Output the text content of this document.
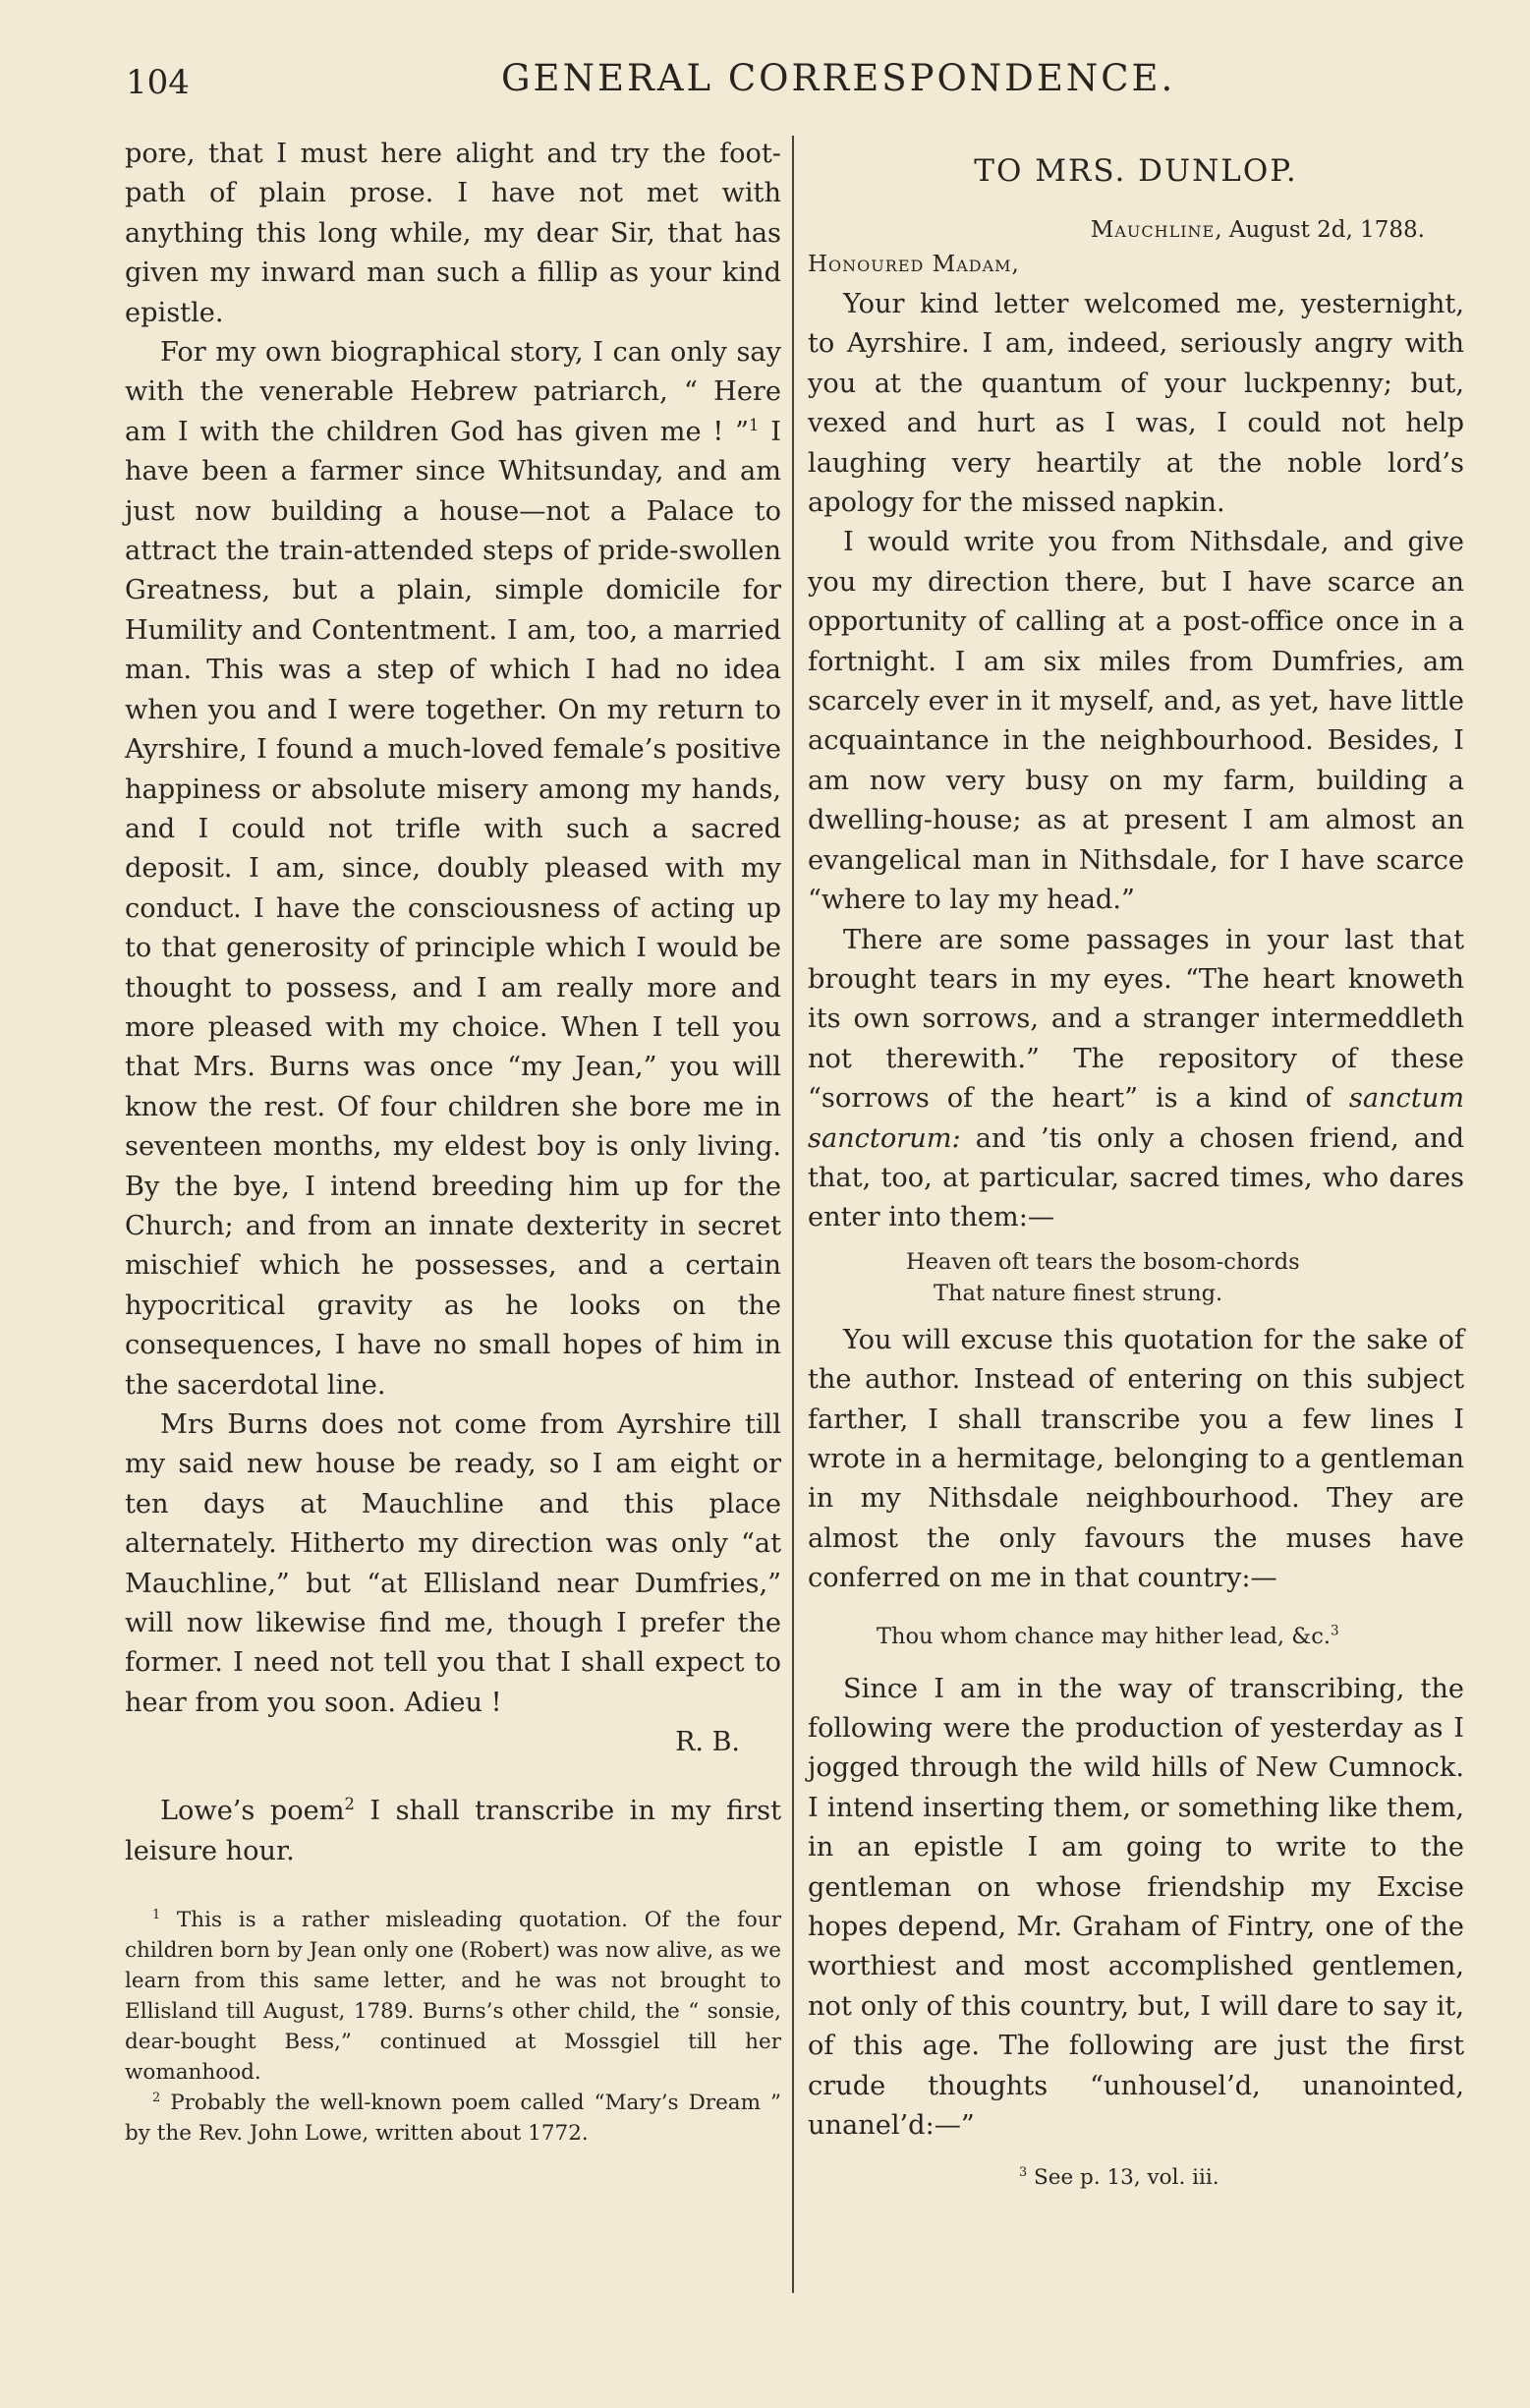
104	GENERAL CORRESPONDENCE.

pore, that I must here alight and try the foot-path of plain prose. I have not met with anything this long while, my dear Sir, that has given my inward man such a fillip as your kind epistle.

For my own biographical story, I can only say with the venerable Hebrew patriarch, “ Here am I with the children God has given me ! ”$^1$ I have been a farmer since Whitsunday, and am just now building a house—not a Palace to attract the train-attended steps of pride-swollen Greatness, but a plain, simple domicile for Humility and Contentment. I am, too, a married man. This was a step of which I had no idea when you and I were together. On my return to Ayrshire, I found a much-loved female’s positive happiness or absolute misery among my hands, and I could not trifle with such a sacred deposit. I am, since, doubly pleased with my conduct. I have the consciousness of acting up to that generosity of principle which I would be thought to possess, and I am really more and more pleased with my choice. When I tell you that Mrs. Burns was once “my Jean,” you will know the rest. Of four children she bore me in seventeen months, my eldest boy is only living. By the bye, I intend breeding him up for the Church; and from an innate dexterity in secret mischief which he possesses, and a certain hypocritical gravity as he looks on the consequences, I have no small hopes of him in the sacerdotal line.

Mrs Burns does not come from Ayrshire till my said new house be ready, so I am eight or ten days at Mauchline and this place alternately. Hitherto my direction was only “at Mauchline,” but “at Ellisland near Dumfries,” will now likewise find me, though I prefer the former. I need not tell you that I shall expect to hear from you soon. Adieu !

R. B.

Lowe’s poem$^2$ I shall transcribe in my first leisure hour.

$^1$ This is a rather misleading quotation. Of the four children born by Jean only one (Robert) was now alive, as we learn from this same letter, and he was not brought to Ellisland till August, 1789. Burns’s other child, the “ sonsie, dear-bought Bess,” continued at Mossgiel till her womanhood.

$^2$ Probably the well-known poem called “Mary’s Dream ” by the Rev. John Lowe, written about 1772.

TO MRS. DUNLOP.

Mauchline, August 2d, 1788.

Honoured Madam,

Your kind letter welcomed me, yesternight, to Ayrshire. I am, indeed, seriously angry with you at the quantum of your luckpenny; but, vexed and hurt as I was, I could not help laughing very heartily at the noble lord’s apology for the missed napkin.

I would write you from Nithsdale, and give you my direction there, but I have scarce an opportunity of calling at a post-office once in a fortnight. I am six miles from Dumfries, am scarcely ever in it myself, and, as yet, have little acquaintance in the neighbourhood. Besides, I am now very busy on my farm, building a dwelling-house; as at present I am almost an evangelical man in Nithsdale, for I have scarce “where to lay my head.”

There are some passages in your last that brought tears in my eyes. “The heart knoweth its own sorrows, and a stranger intermeddleth not therewith.” The repository of these “sorrows of the heart” is a kind of sanctum sanctorum: and ’tis only a chosen friend, and that, too, at particular, sacred times, who dares enter into them:—

Heaven oft tears the bosom-chords
That nature finest strung.

You will excuse this quotation for the sake of the author. Instead of entering on this subject farther, I shall transcribe you a few lines I wrote in a hermitage, belonging to a gentleman in my Nithsdale neighbourhood. They are almost the only favours the muses have conferred on me in that country:—

Thou whom chance may hither lead, &c.$^3$

Since I am in the way of transcribing, the following were the production of yesterday as I jogged through the wild hills of New Cumnock. I intend inserting them, or something like them, in an epistle I am going to write to the gentleman on whose friendship my Excise hopes depend, Mr. Graham of Fintry, one of the worthiest and most accomplished gentlemen, not only of this country, but, I will dare to say it, of this age. The following are just the first crude thoughts “unhousel’d, unanointed, unanel’d:—”

$^3$ See p. 13, vol. iii.
